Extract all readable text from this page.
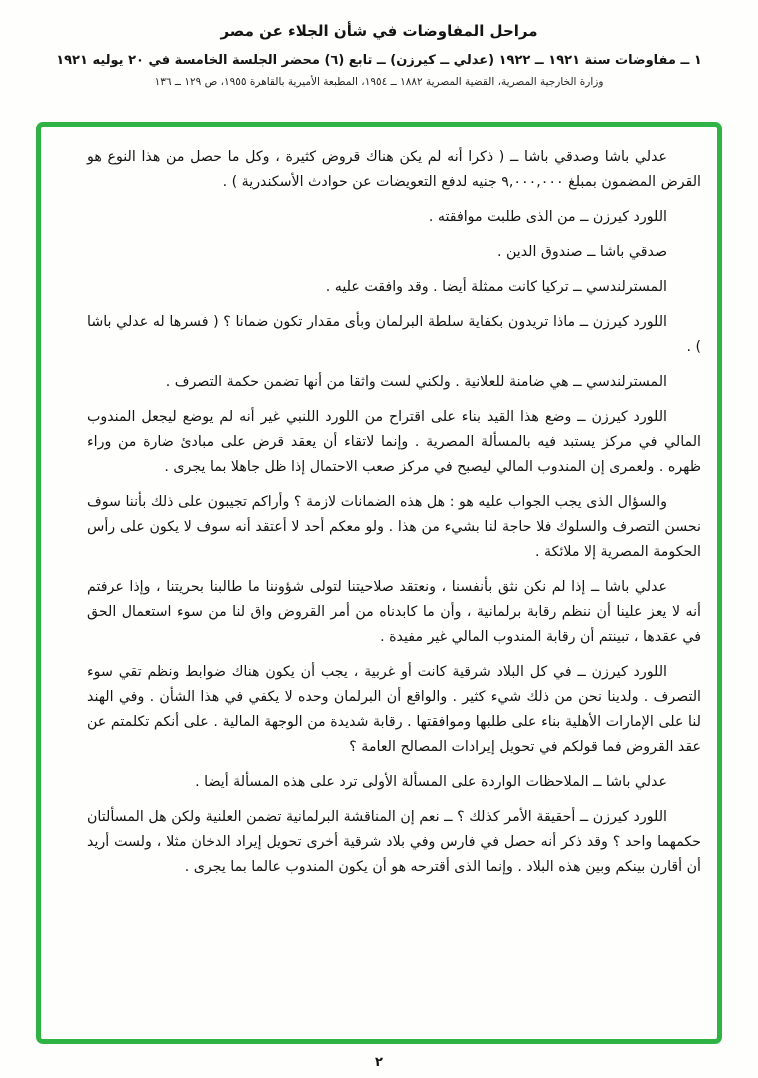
مراحل المفاوضات في شأن الجلاء عن مصر
١ ــ مفاوضات سنة ١٩٢١ ــ ١٩٢٢ (عدلي ــ كيرزن) ــ تابع (٦) محضر الجلسة الخامسة في ٢٠ يوليه ١٩٢١
وزارة الخارجية المصرية، القضية المصرية ١٨٨٢ ــ ١٩٥٤، المطبعة الأميرية بالقاهرة ١٩٥٥، ص ١٢٩ ــ ١٣٦

عدلي باشا وصدقي باشا ــ ( ذكرا أنه لم يكن هناك قروض كثيرة ، وكل ما حصل من هذا النوع هو القرض المضمون بمبلغ ٩,٠٠٠,٠٠٠ جنيه لدفع التعويضات عن حوادث الأسكندرية ) .

اللورد كيرزن ــ من الذى طلبت موافقته .

صدقي باشا ــ صندوق الدين .

المسترلندسي ــ تركيا كانت ممثلة أيضا . وقد وافقت عليه .

اللورد كيرزن ــ ماذا تريدون بكفاية سلطة البرلمان وبأى مقدار تكون ضمانا ؟ ( فسرها له عدلي باشا ) .

المسترلندسي ــ هي ضامنة للعلانية . ولكني لست واثقا من أنها تضمن حكمة التصرف .

اللورد كيرزن ــ وضع هذا القيد بناء على اقتراح من اللورد اللنبي غير أنه لم يوضع ليجعل المندوب المالي في مركز يستبد فيه بالمسألة المصرية . وإنما لاتقاء أن يعقد قرض على مبادئ ضارة من وراء ظهره . ولعمرى إن المندوب المالي ليصبح في مركز صعب الاحتمال إذا ظل جاهلا بما يجرى .

والسؤال الذى يجب الجواب عليه هو : هل هذه الضمانات لازمة ؟ وأراكم تجيبون على ذلك بأننا سوف نحسن التصرف والسلوك فلا حاجة لنا بشيء من هذا . ولو معكم أحد لا أعتقد أنه سوف لا يكون على رأس الحكومة المصرية إلا ملائكة .

عدلي باشا ــ إذا لم نكن نثق بأنفسنا ، ونعتقد صلاحيتنا لتولى شؤوننا ما طالبنا بحريتنا ، وإذا عرفتم أنه لا يعز علينا أن ننظم رقابة برلمانية ، وأن ما كابدناه من أمر القروض واق لنا من سوء استعمال الحق في عقدها ، تبينتم أن رقابة المندوب المالي غير مفيدة .

اللورد كيرزن ــ في كل البلاد شرقية كانت أو غربية ، يجب أن يكون هناك ضوابط ونظم تقي سوء التصرف . ولدينا نحن من ذلك شيء كثير . والواقع أن البرلمان وحده لا يكفي في هذا الشأن . وفي الهند لنا على الإمارات الأهلية بناء على طلبها وموافقتها . رقابة شديدة من الوجهة المالية . على أنكم تكلمتم عن عقد القروض فما قولكم في تحويل إيرادات المصالح العامة ؟

عدلي باشا ــ الملاحظات الواردة على المسألة الأولى ترد على هذه المسألة أيضا .

اللورد كيرزن ــ أحقيقة الأمر كذلك ؟ ــ نعم إن المناقشة البرلمانية تضمن العلنية ولكن هل المسألتان حكمهما واحد ؟ وقد ذكر أنه حصل في فارس وفي بلاد شرقية أخرى تحويل إيراد الدخان مثلا ، ولست أريد أن أقارن بينكم وبين هذه البلاد . وإنما الذى أقترحه هو أن يكون المندوب عالما بما يجرى .

٢
